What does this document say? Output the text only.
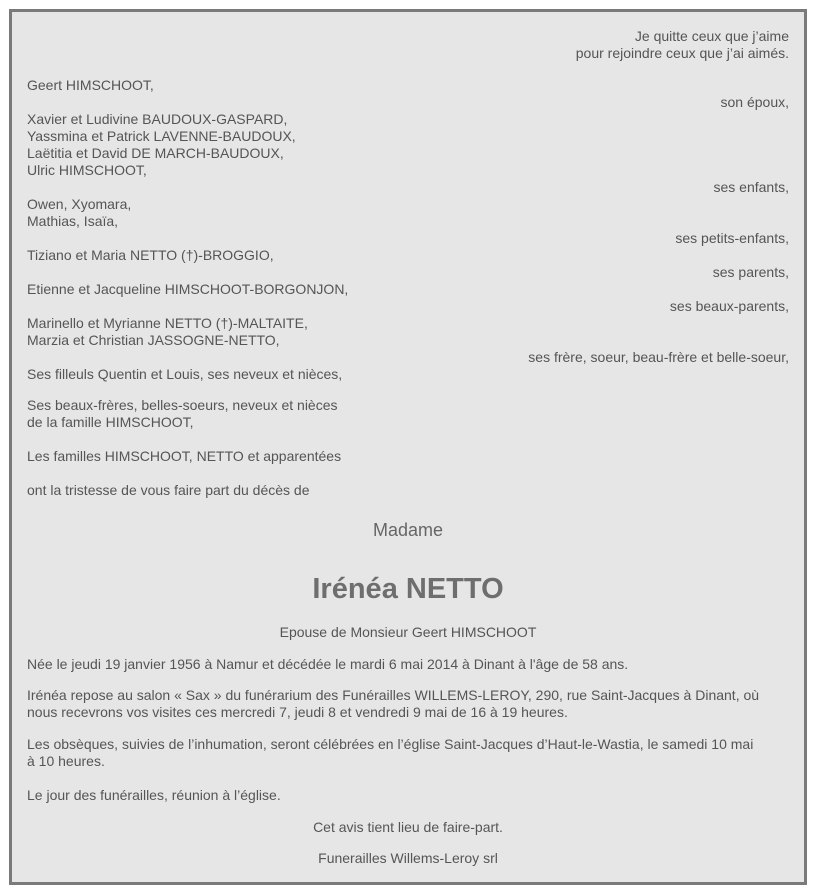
Je quitte ceux que j’aime
pour rejoindre ceux que j’ai aimés.
Geert HIMSCHOOT,
son époux,
Xavier et Ludivine BAUDOUX-GASPARD,
Yassmina et Patrick LAVENNE-BAUDOUX,
Laëtitia et David DE MARCH-BAUDOUX,
Ulric HIMSCHOOT,
ses enfants,
Owen, Xyomara,
Mathias, Isaïa,
ses petits-enfants,
Tiziano et Maria NETTO (†)-BROGGIO,
ses parents,
Etienne et Jacqueline HIMSCHOOT-BORGONJON,
ses beaux-parents,
Marinello et Myrianne NETTO (†)-MALTAITE,
Marzia et Christian JASSOGNE-NETTO,
ses frère, soeur, beau-frère et belle-soeur,
Ses filleuls Quentin et Louis, ses neveux et nièces,
Ses beaux-frères, belles-soeurs, neveux et nièces
de la famille HIMSCHOOT,
Les familles HIMSCHOOT, NETTO et apparentées
ont la tristesse de vous faire part du décès de
Madame
Irénéa NETTO
Epouse de Monsieur Geert HIMSCHOOT
Née le jeudi 19 janvier 1956 à Namur et décédée le mardi 6 mai 2014 à Dinant à l'âge de 58 ans.
Irénéa repose au salon « Sax » du funérarium des Funérailles WILLEMS-LEROY, 290, rue Saint-Jacques à Dinant, où
nous recevrons vos visites ces mercredi 7, jeudi 8 et vendredi 9 mai de 16 à 19 heures.
Les obsèques, suivies de l’inhumation, seront célébrées en l’église Saint-Jacques d’Haut-le-Wastia, le samedi 10 mai
à 10 heures.
Le jour des funérailles, réunion à l’église.
Cet avis tient lieu de faire-part.
Funerailles Willems-Leroy srl
